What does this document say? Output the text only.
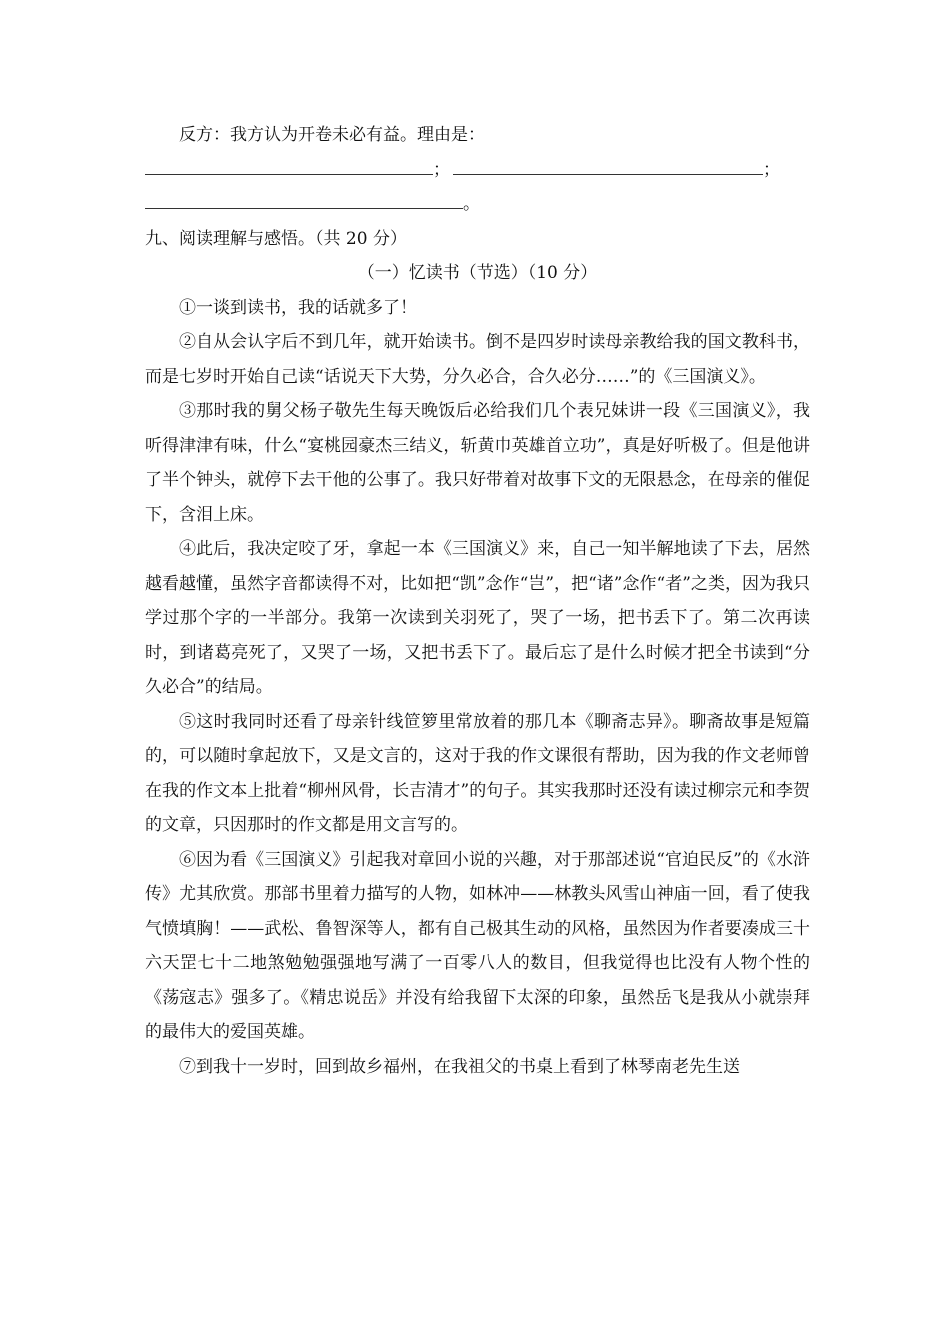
反方：我方认为开卷未必有益。理由是：
；	；
。
九、阅读理解与感悟。（共 20 分）
（一）忆读书（节选）（10 分）

①一谈到读书，我的话就多了！

②自从会认字后不到几年，就开始读书。倒不是四岁时读母亲教给我的国文教科书，而是七岁时开始自己读“话说天下大势，分久必合，合久必分……”的《三国演义》。

③那时我的舅父杨子敬先生每天晚饭后必给我们几个表兄妹讲一段《三国演义》，我听得津津有味，什么“宴桃园豪杰三结义，斩黄巾英雄首立功”，真是好听极了。但是他讲了半个钟头，就停下去干他的公事了。我只好带着对故事下文的无限悬念，在母亲的催促下，含泪上床。

④此后，我决定咬了牙，拿起一本《三国演义》来，自己一知半解地读了下去，居然越看越懂，虽然字音都读得不对，比如把“凯”念作“岂”，把“诸”念作“者”之类，因为我只学过那个字的一半部分。我第一次读到关羽死了，哭了一场，把书丢下了。第二次再读时，到诸葛亮死了，又哭了一场，又把书丢下了。最后忘了是什么时候才把全书读到“分久必合”的结局。

⑤这时我同时还看了母亲针线笸箩里常放着的那几本《聊斋志异》。聊斋故事是短篇的，可以随时拿起放下，又是文言的，这对于我的作文课很有帮助，因为我的作文老师曾在我的作文本上批着“柳州风骨，长吉清才”的句子。其实我那时还没有读过柳宗元和李贺的文章，只因那时的作文都是用文言写的。

⑥因为看《三国演义》引起我对章回小说的兴趣，对于那部述说“官迫民反”的《水浒传》尤其欣赏。那部书里着力描写的人物，如林冲——林教头风雪山神庙一回，看了使我气愤填胸！——武松、鲁智深等人，都有自己极其生动的风格，虽然因为作者要凑成三十六天罡七十二地煞勉勉强强地写满了一百零八人的数目，但我觉得也比没有人物个性的《荡寇志》强多了。《精忠说岳》并没有给我留下太深的印象，虽然岳飞是我从小就崇拜的最伟大的爱国英雄。

⑦到我十一岁时，回到故乡福州，在我祖父的书桌上看到了林琴南老先生送
